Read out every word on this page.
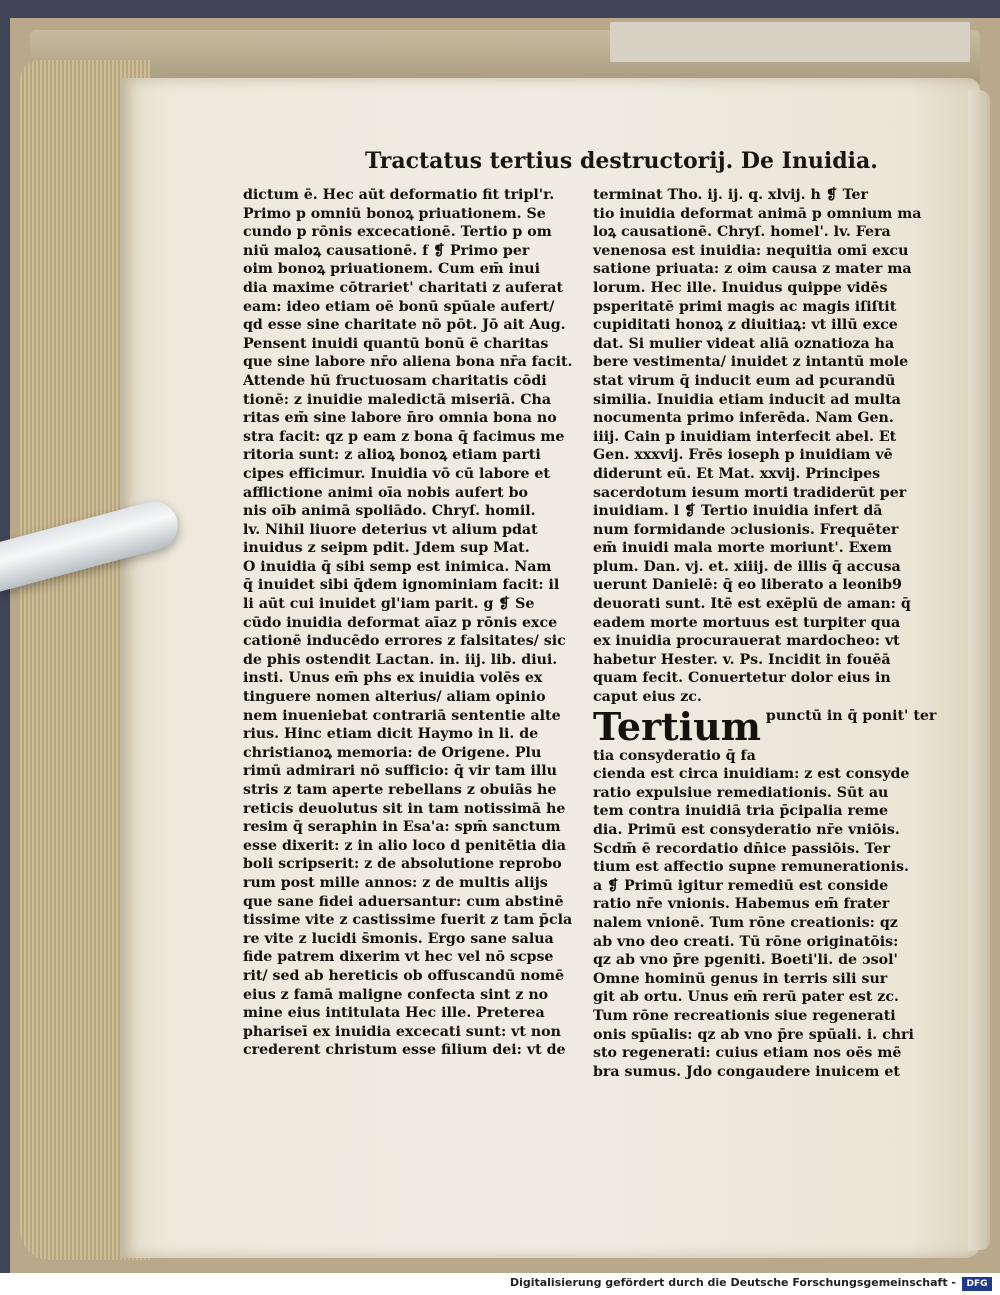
Tractatus tertius destructorij. De Inuidia.
dictum ē. Hec aūt deformatio fit tripl'r.
Primo p omniū bonoꝝ priuationem. Se
cundo p rōnis excecationē. Tertio p om
niū maloꝝ causationē. f ❡ Primo per
oim bonoꝝ priuationem. Cum em̄ inui
dia maxime cōtrariet' charitati z auferat
eam: ideo etiam oē bonū spūale aufert/
qd esse sine charitate nō pōt. Jō ait Aug.
Pensent inuidi quantū bonū ē charitas
que sine labore nr̄o aliena bona nr̄a facit.
Attende hū fructuosam charitatis cōdi
tionē: z inuidie maledictā miseriā. Cha
ritas em̄ sine labore n̄ro omnia bona no
stra facit: qz p eam z bona q̄ facimus me
ritoria sunt: z alioꝝ bonoꝝ etiam parti
cipes efficimur. Inuidia vō cū labore et
afflictione animi oīa nobis aufert bo
nis oīb animā spoliādo. Chryſ. homil.
lv. Nihil liuore deterius vt alium pdat
inuidus z seipm pdit. Jdem sup Mat.
O inuidia q̄ sibi semp est inimica. Nam
q̄ inuidet sibi q̄dem ignominiam facit: il
li aūt cui inuidet gl'iam parit. g ❡ Se
cūdo inuidia deformat aīaz p rōnis exce
cationē inducēdo errores z falsitates/ sic
de phis ostendit Lactan. in. iij. lib. diui.
insti. Unus em̄ phs ex inuidia volēs ex
tinguere nomen alterius/ aliam opinio
nem inueniebat contrariā sententie alte
rius. Hinc etiam dicit Haymo in li. de
christianoꝝ memoria: de Origene. Plu
rimū admirari nō sufficio: q̄ vir tam illu
stris z tam aperte rebellans z obuiās he
reticis deuolutus sit in tam notissimā he
resim q̄ seraphin in Esa'a: spm̄ sanctum
esse dixerit: z in alio loco d penitētia dia
boli scripserit: z de absolutione reprobo
rum post mille annos: z de multis alijs
que sane fidei aduersantur: cum abstinē
tissime vite z castissime fuerit z tam p̄cla
re vite z lucidi s̄monis. Ergo sane salua
fide patrem dixerim vt hec vel nō scpse
rit/ sed ab hereticis ob offuscandū nomē
eius z famā maligne confecta sint z no
mine eius intitulata Hec ille. Preterea
phariseī ex inuidia excecati sunt: vt non
crederent christum esse filium dei: vt de
terminat Tho. ij. ij. q. xlvij. h ❡ Ter
tio inuidia deformat animā p omnium ma
loꝝ causationē. Chryſ. homel'. lv. Fera
venenosa est inuidia: nequitia omī excu
satione priuata: z oim causa z mater ma
lorum. Hec ille. Inuidus quippe vidēs
psperitatē primi magis ac magis iſiſtit
cupiditati honoꝝ z diuitiaꝝ: vt illū exce
dat. Si mulier videat aliā oznatioza ha
bere vestimenta/ inuidet z intantū mole
stat virum q̄ inducit eum ad pcurandū
similia. Inuidia etiam inducit ad multa
nocumenta primo inferēda. Nam Gen.
iiij. Cain p inuidiam interfecit abel. Et
Gen. xxxvij. Frēs ioseph p inuidiam vē
diderunt eū. Et Mat. xxvij. Principes
sacerdotum iesum morti tradiderūt per
inuidiam. l ❡ Tertio inuidia infert dā
num formidande ɔclusionis. Frequēter
em̄ inuidi mala morte moriunt'. Exem
plum. Dan. vj. et. xiiij. de illis q̄ accusa
uerunt Danielē: q̄ eo liberato a leonib9
deuorati sunt. Itē est exēplū de aman: q̄
eadem morte mortuus est turpiter qua
ex inuidia procurauerat mardocheo: vt
habetur Hester. v. Ps. Incidit in fouēā
quam fecit. Conuertetur dolor eius in
caput eius zc.
Tertium punctū in q̄ ponit' ter
tia consyderatio q̄ fa
cienda est circa inuidiam: z est consyde
ratio expulsiue remediationis. Sūt au
tem contra inuidiā tria p̄cipalia reme
dia. Primū est consyderatio nr̄e vniōis.
Scdm̄ ē recordatio dn̄ice passiōis. Ter
tium est affectio supne remunerationis.
a ❡ Primū igitur remediū est conside
ratio nr̄e vnionis. Habemus em̄ frater
nalem vnionē. Tum rōne creationis: qz
ab vno deo creati. Tū rōne originatōis:
qz ab vno p̄re pgeniti. Boeti'li. de ɔsol'
Omne hominū genus in terris sili sur
git ab ortu. Unus em̄ rerū pater est zc.
Tum rōne recreationis siue regenerati
onis spūalis: qz ab vno p̄re spūali. i. chri
sto regenerati: cuius etiam nos oēs mē
bra sumus. Jdo congaudere inuicem et
Digitalisierung gefördert durch die Deutsche Forschungsgemeinschaft -	DFG
